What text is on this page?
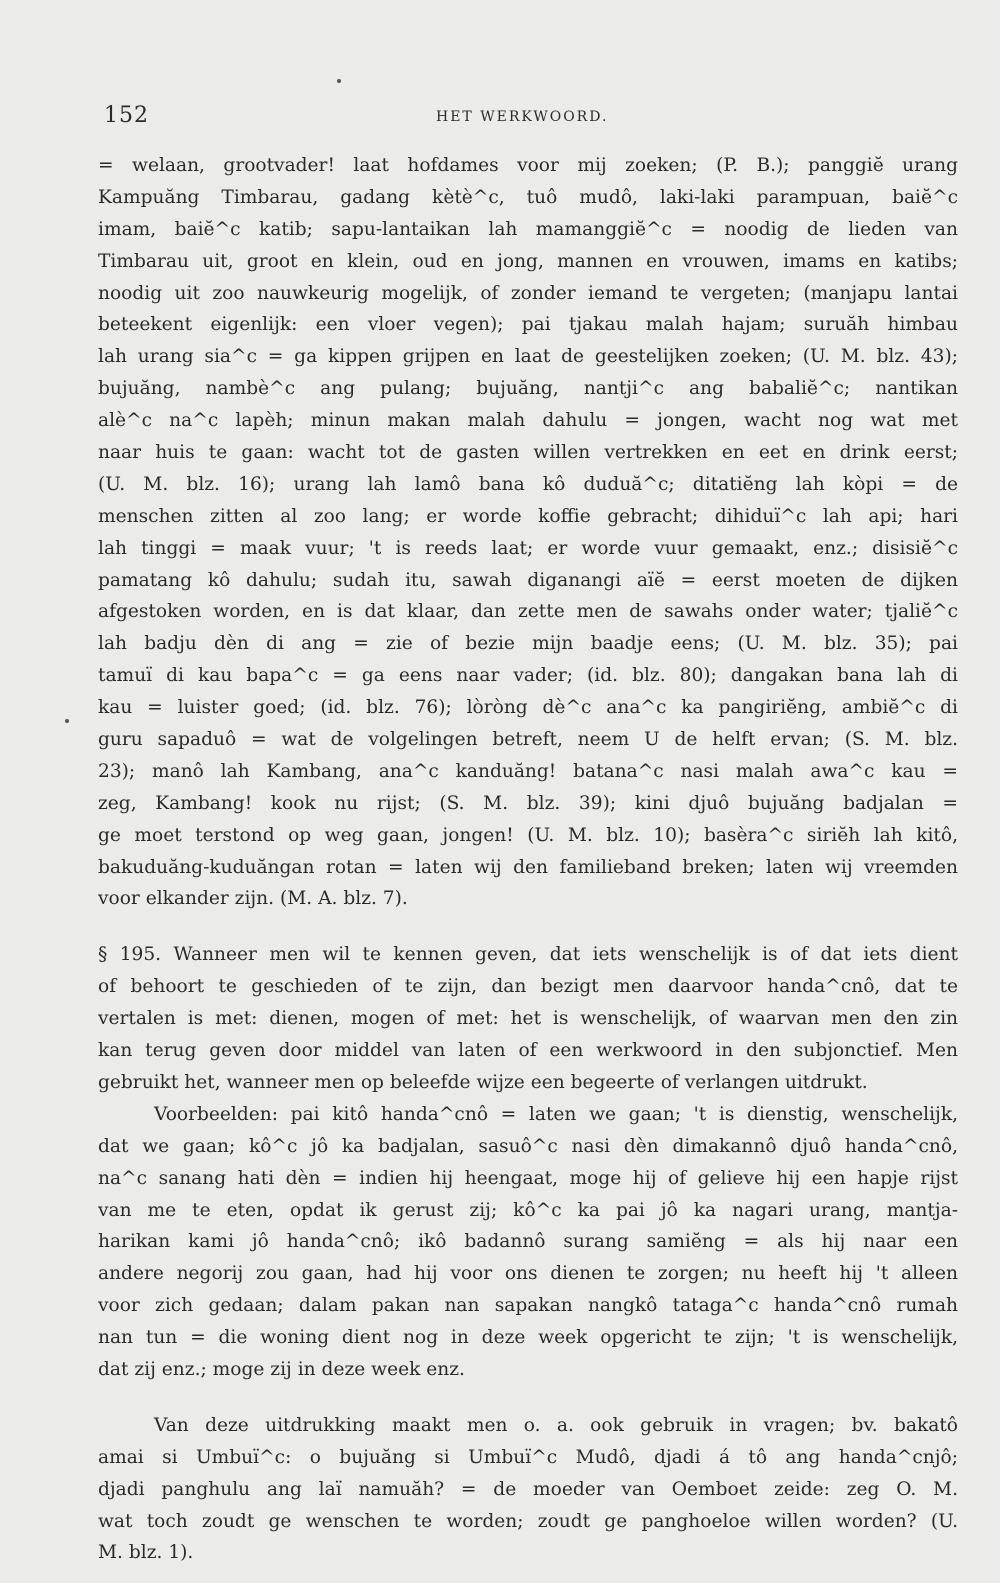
152	HET WERKWOORD.
= welaan, grootvader! laat hofdames voor mij zoeken; (P. B.); panggiĕ urang
Kampuăng Timbarau, gadang kètè^c, tuô mudô, laki-laki parampuan, baiĕ^c
imam, baiĕ^c katib; sapu-lantaikan lah mamanggiĕ^c = noodig de lieden van
Timbarau uit, groot en klein, oud en jong, mannen en vrouwen, imams en katibs;
noodig uit zoo nauwkeurig mogelijk, of zonder iemand te vergeten; (manjapu lantai
beteekent eigenlijk: een vloer vegen); pai tjakau malah hajam; suruăh himbau
lah urang sia^c = ga kippen grijpen en laat de geestelijken zoeken; (U. M. blz. 43);
bujuăng, nambè^c ang pulang; bujuăng, nantji^c ang babaliĕ^c; nantikan
alè^c na^c lapèh; minun makan malah dahulu = jongen, wacht nog wat met
naar huis te gaan: wacht tot de gasten willen vertrekken en eet en drink eerst;
(U. M. blz. 16); urang lah lamô bana kô duduă^c; ditatiĕng lah kòpi = de
menschen zitten al zoo lang; er worde koffie gebracht; dihiduï^c lah api; hari
lah tinggi = maak vuur; 't is reeds laat; er worde vuur gemaakt, enz.; disisiĕ^c
pamatang kô dahulu; sudah itu, sawah diganangi aïĕ = eerst moeten de dijken
afgestoken worden, en is dat klaar, dan zette men de sawahs onder water; tjaliĕ^c
lah badju dèn di ang = zie of bezie mijn baadje eens; (U. M. blz. 35); pai
tamuï di kau bapa^c = ga eens naar vader; (id. blz. 80); dangakan bana lah di
kau = luister goed; (id. blz. 76); lòròng dè^c ana^c ka pangiriĕng, ambiĕ^c di
guru sapaduô = wat de volgelingen betreft, neem U de helft ervan; (S. M. blz.
23); manô lah Kambang, ana^c kanduăng! batana^c nasi malah awa^c kau =
zeg, Kambang! kook nu rijst; (S. M. blz. 39); kini djuô bujuăng badjalan =
ge moet terstond op weg gaan, jongen! (U. M. blz. 10); basèra^c siriĕh lah kitô,
bakuduăng-kuduăngan rotan = laten wij den familieband breken; laten wij vreemden
voor elkander zijn. (M. A. blz. 7).
§ 195. Wanneer men wil te kennen geven, dat iets wenschelijk is of dat iets dient
of behoort te geschieden of te zijn, dan bezigt men daarvoor handa^cnô, dat te
vertalen is met: dienen, mogen of met: het is wenschelijk, of waarvan men den zin
kan terug geven door middel van laten of een werkwoord in den subjonctief. Men
gebruikt het, wanneer men op beleefde wijze een begeerte of verlangen uitdrukt.
Voorbeelden: pai kitô handa^cnô = laten we gaan; 't is dienstig, wenschelijk,
dat we gaan; kô^c jô ka badjalan, sasuô^c nasi dèn dimakannô djuô handa^cnô,
na^c sanang hati dèn = indien hij heengaat, moge hij of gelieve hij een hapje rijst
van me te eten, opdat ik gerust zij; kô^c ka pai jô ka nagari urang, mantja-
harikan kami jô handa^cnô; ikô badannô surang samiĕng = als hij naar een
andere negorij zou gaan, had hij voor ons dienen te zorgen; nu heeft hij 't alleen
voor zich gedaan; dalam pakan nan sapakan nangkô tataga^c handa^cnô rumah
nan tun = die woning dient nog in deze week opgericht te zijn; 't is wenschelijk,
dat zij enz.; moge zij in deze week enz.
Van deze uitdrukking maakt men o. a. ook gebruik in vragen; bv. bakatô
amai si Umbuï^c: o bujuăng si Umbuï^c Mudô, djadi á tô ang handa^cnjô;
djadi panghulu ang laï namuăh? = de moeder van Oemboet zeide: zeg O. M.
wat toch zoudt ge wenschen te worden; zoudt ge panghoeloe willen worden? (U.
M. blz. 1).
